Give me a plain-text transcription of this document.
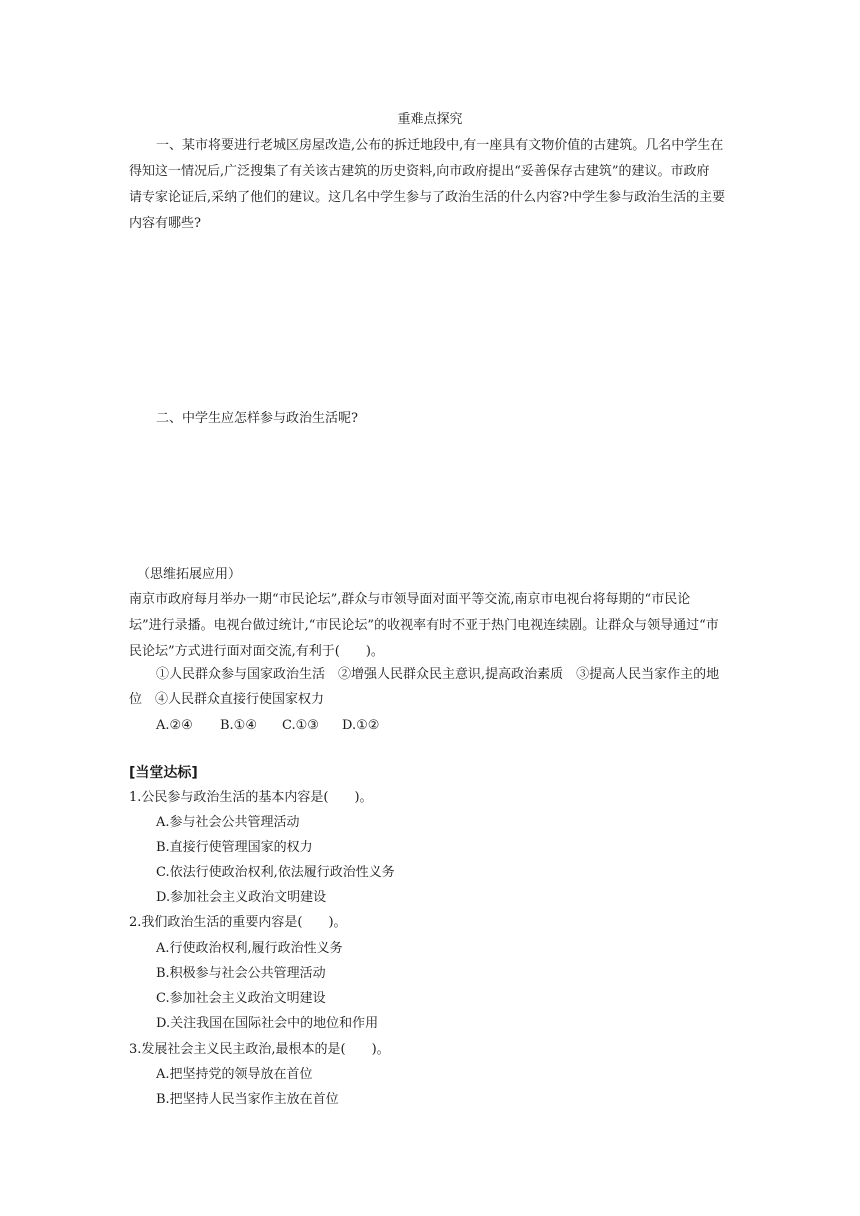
重难点探究
一、某市将要进行老城区房屋改造,公布的拆迁地段中,有一座具有文物价值的古建筑。几名中学生在
得知这一情况后,广泛搜集了有关该古建筑的历史资料,向市政府提出“妥善保存古建筑”的建议。市政府
请专家论证后,采纳了他们的建议。这几名中学生参与了政治生活的什么内容?中学生参与政治生活的主要
内容有哪些?
二、中学生应怎样参与政治生活呢?
（思维拓展应用）
南京市政府每月举办一期“市民论坛”,群众与市领导面对面平等交流,南京市电视台将每期的“市民论
坛”进行录播。电视台做过统计,“市民论坛”的收视率有时不亚于热门电视连续剧。让群众与领导通过“市
民论坛”方式进行面对面交流,有利于(　　)。
①人民群众参与国家政治生活　②增强人民群众民主意识,提高政治素质　③提高人民当家作主的地
位　④人民群众直接行使国家权力
A.②④ B.①④ C.①③ D.①②
[当堂达标]
1.公民参与政治生活的基本内容是(　　)。
A.参与社会公共管理活动
B.直接行使管理国家的权力
C.依法行使政治权利,依法履行政治性义务
D.参加社会主义政治文明建设
2.我们政治生活的重要内容是(　　)。
A.行使政治权利,履行政治性义务
B.积极参与社会公共管理活动
C.参加社会主义政治文明建设
D.关注我国在国际社会中的地位和作用
3.发展社会主义民主政治,最根本的是(　　)。
A.把坚持党的领导放在首位
B.把坚持人民当家作主放在首位
